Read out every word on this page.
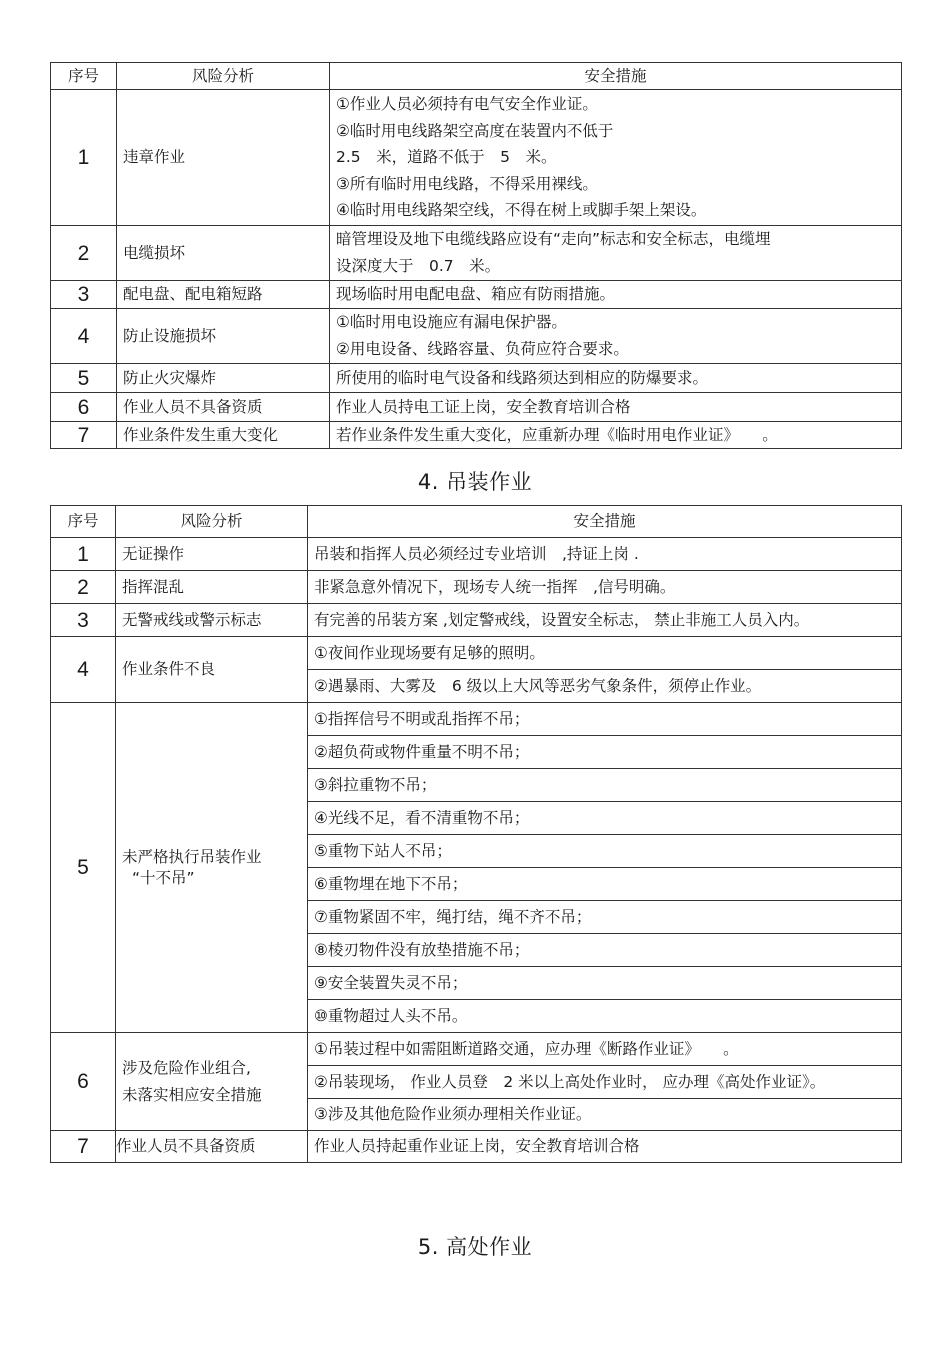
序号	风险分析	安全措施
1	违章作业	①作业人员必须持有电气安全作业证。
②临时用电线路架空高度在装置内不低于
2.5　米，道路不低于　5　米。
③所有临时用电线路，不得采用裸线。
④临时用电线路架空线，不得在树上或脚手架上架设。

2	电缆损坏	暗管埋设及地下电缆线路应设有“走向”标志和安全标志，电缆埋
设深度大于　0.7　米。

3	配电盘、配电箱短路	现场临时用电配电盘、箱应有防雨措施。
4	防止设施损坏	①临时用电设施应有漏电保护器。
②用电设备、线路容量、负荷应符合要求。

5	防止火灾爆炸	所使用的临时电气设备和线路须达到相应的防爆要求。
6	作业人员不具备资质	作业人员持电工证上岗，安全教育培训合格
7	作业条件发生重大变化	若作业条件发生重大变化，应重新办理《临时用电作业证》　　。
4. 吊装作业
序号	风险分析	安全措施
1	无证操作	吊装和指挥人员必须经过专业培训　,持证上岗 .
2	指挥混乱	非紧急意外情况下，现场专人统一指挥　,信号明确。
3	无警戒线或警示标志	有完善的吊装方案 ,划定警戒线，设置安全标志， 禁止非施工人员入内。
4	作业条件不良	①夜间作业现场要有足够的照明。
		②遇暴雨、大雾及　6 级以上大风等恶劣气象条件，须停止作业。
5	未严格执行吊装作业
“十不吊”	①指挥信号不明或乱指挥不吊；
		②超负荷或物件重量不明不吊；
		③斜拉重物不吊；
		④光线不足，看不清重物不吊；
		⑤重物下站人不吊；
		⑥重物埋在地下不吊；
		⑦重物紧固不牢，绳打结，绳不齐不吊；
		⑧棱刃物件没有放垫措施不吊；
		⑨安全装置失灵不吊；
		⑩重物超过人头不吊。
6	涉及危险作业组合,
未落实相应安全措施	①吊装过程中如需阻断道路交通，应办理《断路作业证》　　。
		②吊装现场， 作业人员登　2 米以上高处作业时， 应办理《高处作业证》。
		③涉及其他危险作业须办理相关作业证。
7	作业人员不具备资质	作业人员持起重作业证上岗，安全教育培训合格
5. 高处作业
